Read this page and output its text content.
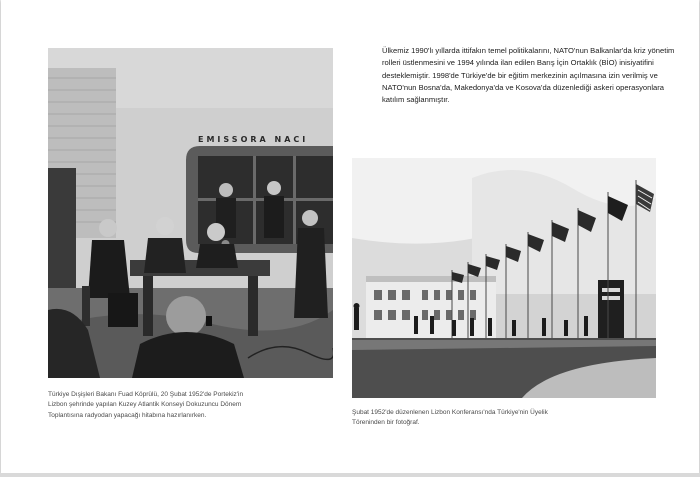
EMISSORA NACI

Ülkemiz 1990'lı yıllarda ittifakın temel politikalarını, NATO'nun Balkanlar'da kriz yönetim rolleri üstlenmesini ve 1994 yılında ilan edilen Barış İçin Ortaklık (BİO) inisiyatifini desteklemiştir. 1998'de Türkiye'de bir eğitim merkezinin açılmasına izin verilmiş ve NATO'nun Bosna'da, Makedonya'da ve Kosova'da düzenlediği askeri operasyonlara katılım sağlanmıştır.

Türkiye Dışişleri Bakanı Fuad Köprülü, 20 Şubat 1952'de Portekiz'in Lizbon şehrinde yapılan Kuzey Atlantik Konseyi Dokuzuncu Dönem Toplantısına radyodan yapacağı hitabına hazırlanırken.	Şubat 1952'de düzenlenen Lizbon Konferansı'nda Türkiye'nin Üyelik Töreninden bir fotoğraf.
